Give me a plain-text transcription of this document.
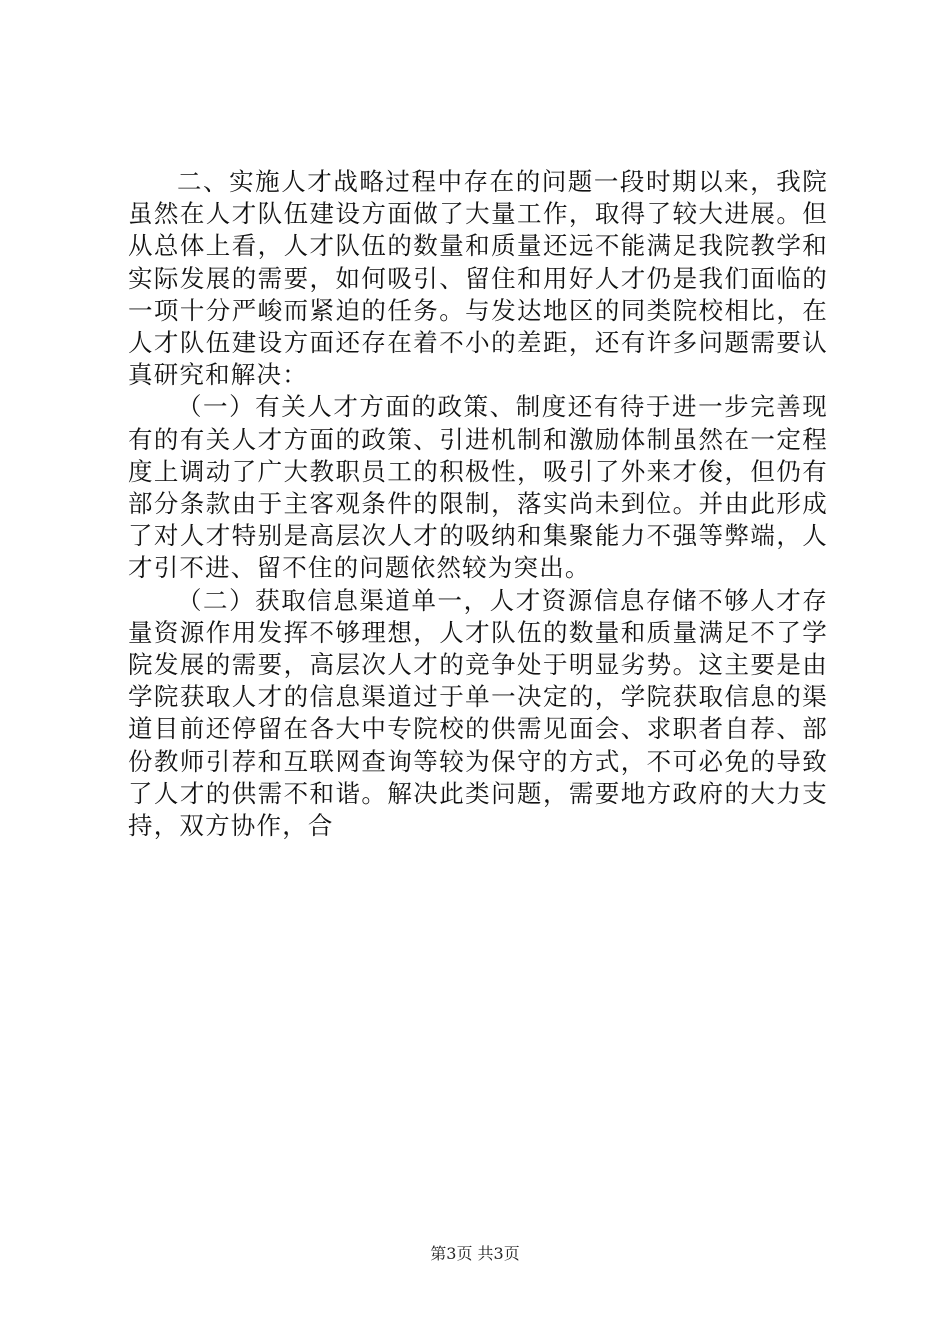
二、实施人才战略过程中存在的问题一段时期以来，我院虽然在人才队伍建设方面做了大量工作，取得了较大进展。但从总体上看，人才队伍的数量和质量还远不能满足我院教学和实际发展的需要，如何吸引、留住和用好人才仍是我们面临的一项十分严峻而紧迫的任务。与发达地区的同类院校相比，在人才队伍建设方面还存在着不小的差距，还有许多问题需要认真研究和解决：

（一）有关人才方面的政策、制度还有待于进一步完善现有的有关人才方面的政策、引进机制和激励体制虽然在一定程度上调动了广大教职员工的积极性，吸引了外来才俊，但仍有部分条款由于主客观条件的限制，落实尚未到位。并由此形成了对人才特别是高层次人才的吸纳和集聚能力不强等弊端，人才引不进、留不住的问题依然较为突出。

（二）获取信息渠道单一，人才资源信息存储不够人才存量资源作用发挥不够理想，人才队伍的数量和质量满足不了学院发展的需要，高层次人才的竞争处于明显劣势。这主要是由学院获取人才的信息渠道过于单一决定的，学院获取信息的渠道目前还停留在各大中专院校的供需见面会、求职者自荐、部份教师引荐和互联网查询等较为保守的方式，不可必免的导致了人才的供需不和谐。解决此类问题，需要地方政府的大力支持，双方协作，合

第3页 共3页
